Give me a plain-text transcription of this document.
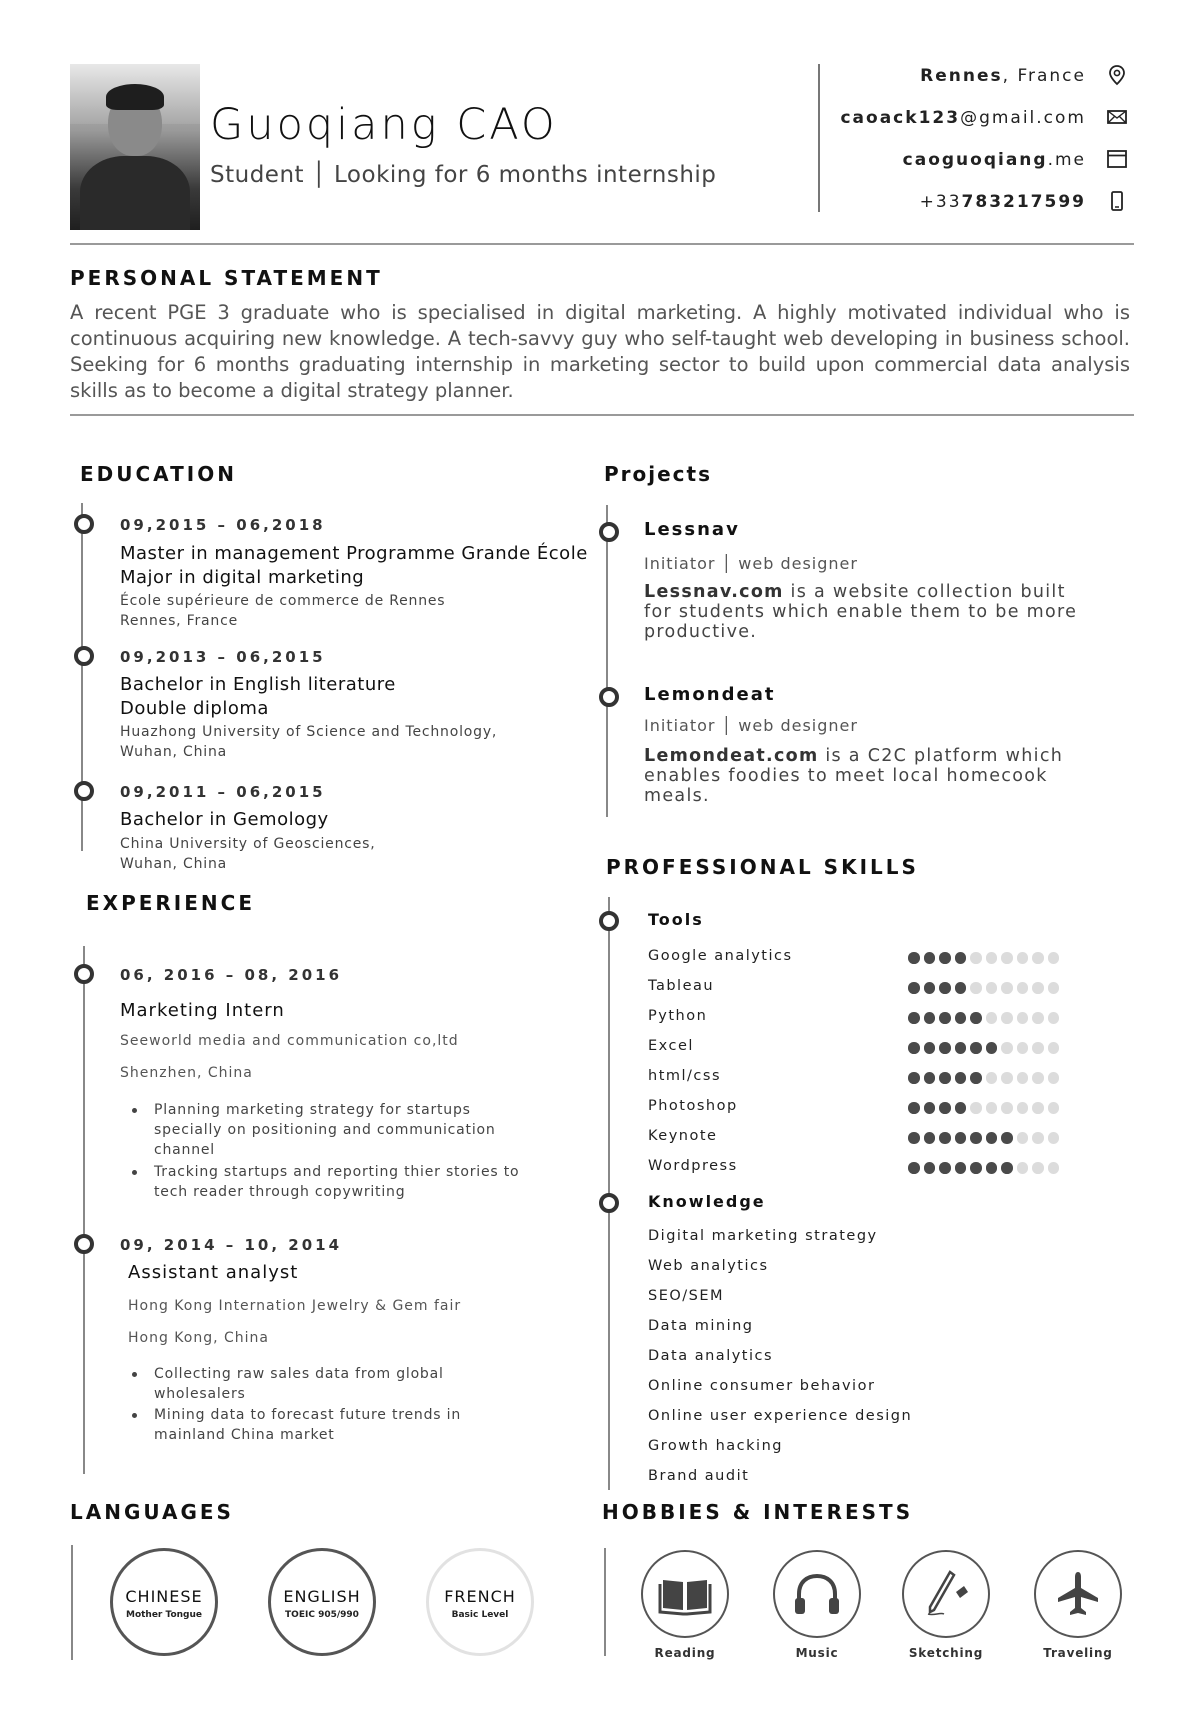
Guoqiang CAO
Student │ Looking for 6 months internship
Rennes, France
caoack123@gmail.com
caoguoqiang.me
+33783217599
PERSONAL STATEMENT
A recent PGE 3 graduate who is specialised in digital marketing. A highly motivated individual who is continuous acquiring new knowledge. A tech-savvy guy who self-taught web developing in business school. Seeking for 6 months graduating internship in marketing sector to build upon commercial data analysis skills as to become a digital strategy planner.
EDUCATION
09,2015 – 06,2018
Master in management Programme Grande École
Major in digital marketing
École supérieure de commerce de Rennes
Rennes, France
09,2013 – 06,2015
Bachelor in English literature
Double diploma
Huazhong University of Science and Technology,
Wuhan, China
09,2011 – 06,2015
Bachelor in Gemology
China University of Geosciences,
Wuhan, China
EXPERIENCE
06, 2016 – 08, 2016
Marketing Intern
Seeworld media and communication co,ltd
Shenzhen, China
Planning marketing strategy for startups specially on positioning and communication channel
Tracking startups and reporting thier stories to tech reader through copywriting
09, 2014 – 10, 2014
Assistant analyst
Hong Kong Internation Jewelry & Gem fair
Hong Kong, China
Collecting raw sales data from global wholesalers
Mining data to forecast future trends in mainland China market
Projects
Lessnav
Initiator │ web designer
Lessnav.com is a website collection built for students which enable them to be more productive.
Lemondeat
Initiator │ web designer
Lemondeat.com is a C2C platform which enables foodies to meet local homecook meals.
PROFESSIONAL SKILLS
Tools
Google analytics
Tableau
Python
Excel
html/css
Photoshop
Keynote
Wordpress
Knowledge
Digital marketing strategy
Web analytics
SEO/SEM
Data mining
Data analytics
Online consumer behavior
Online user experience design
Growth hacking
Brand audit
LANGUAGES
CHINESE
Mother Tongue
ENGLISH
TOEIC 905/990
FRENCH
Basic Level
HOBBIES & INTERESTS
Reading	Music	Sketching	Traveling
